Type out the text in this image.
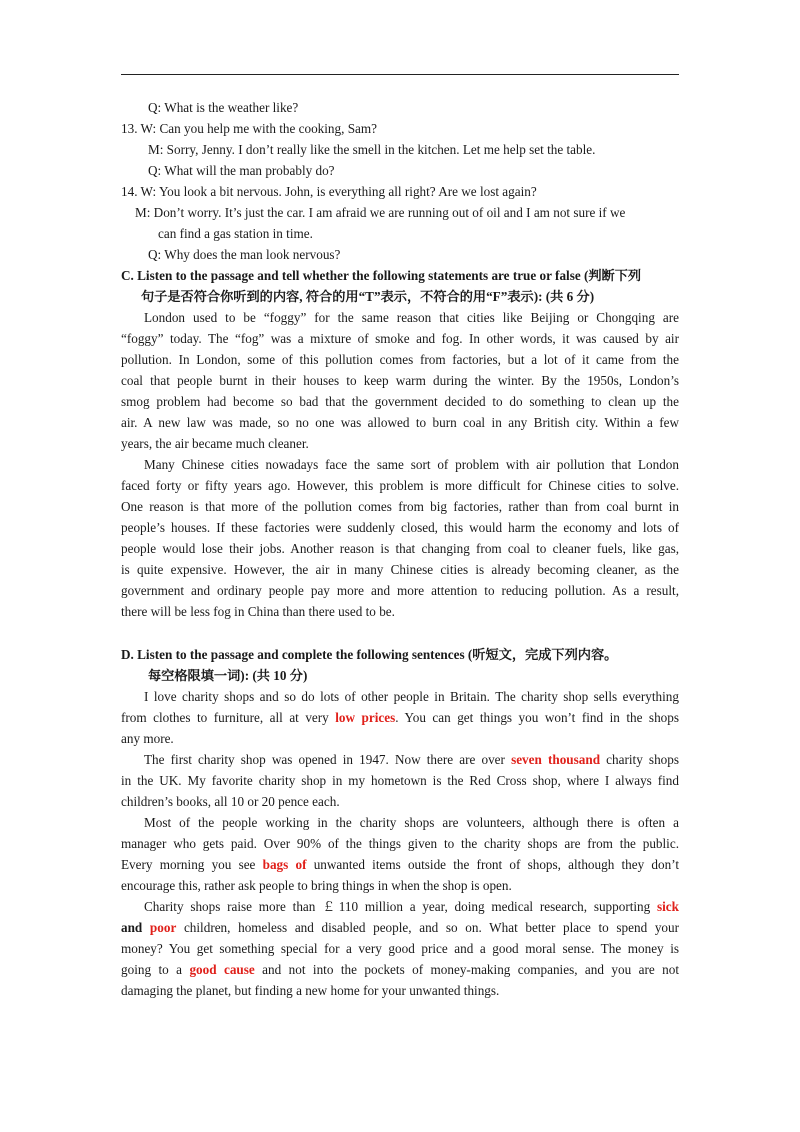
Q: What is the weather like?
13. W: Can you help me with the cooking, Sam?
M: Sorry, Jenny. I don’t really like the smell in the kitchen. Let me help set the table.
Q: What will the man probably do?
14. W: You look a bit nervous. John, is everything all right? Are we lost again?
M: Don’t worry. It’s just the car. I am afraid we are running out of oil and I am not sure if we
can find a gas station in time.
Q: Why does the man look nervous?
C. Listen to the passage and tell whether the following statements are true or false (判断下列
句子是否符合你听到的内容, 符合的用“T”表示，不符合的用“F”表示): (共 6 分)
London used to be “foggy” for the same reason that cities like Beijing or Chongqing are
“foggy” today. The “fog” was a mixture of smoke and fog. In other words, it was caused by air
pollution. In London, some of this pollution comes from factories, but a lot of it came from the
coal that people burnt in their houses to keep warm during the winter. By the 1950s, London’s
smog problem had become so bad that the government decided to do something to clean up the
air. A new law was made, so no one was allowed to burn coal in any British city. Within a few
years, the air became much cleaner.
Many Chinese cities nowadays face the same sort of problem with air pollution that London
faced forty or fifty years ago. However, this problem is more difficult for Chinese cities to solve.
One reason is that more of the pollution comes from big factories, rather than from coal burnt in
people’s houses. If these factories were suddenly closed, this would harm the economy and lots of
people would lose their jobs. Another reason is that changing from coal to cleaner fuels, like gas,
is quite expensive. However, the air in many Chinese cities is already becoming cleaner, as the
government and ordinary people pay more and more attention to reducing pollution. As a result,
there will be less fog in China than there used to be.
D. Listen to the passage and complete the following sentences (听短文，完成下列内容。
每空格限填一词): (共 10 分)
I love charity shops and so do lots of other people in Britain. The charity shop sells everything
from clothes to furniture, all at very low prices. You can get things you won’t find in the shops
any more.
The first charity shop was opened in 1947. Now there are over seven thousand charity shops
in the UK. My favorite charity shop in my hometown is the Red Cross shop, where I always find
children’s books, all 10 or 20 pence each.
Most of the people working in the charity shops are volunteers, although there is often a
manager who gets paid. Over 90% of the things given to the charity shops are from the public.
Every morning you see bags of unwanted items outside the front of shops, although they don’t
encourage this, rather ask people to bring things in when the shop is open.
Charity shops raise more than ￡110 million a year, doing medical research, supporting sick
and poor children, homeless and disabled people, and so on. What better place to spend your
money? You get something special for a very good price and a good moral sense. The money is
going to a good cause and not into the pockets of money-making companies, and you are not
damaging the planet, but finding a new home for your unwanted things.
